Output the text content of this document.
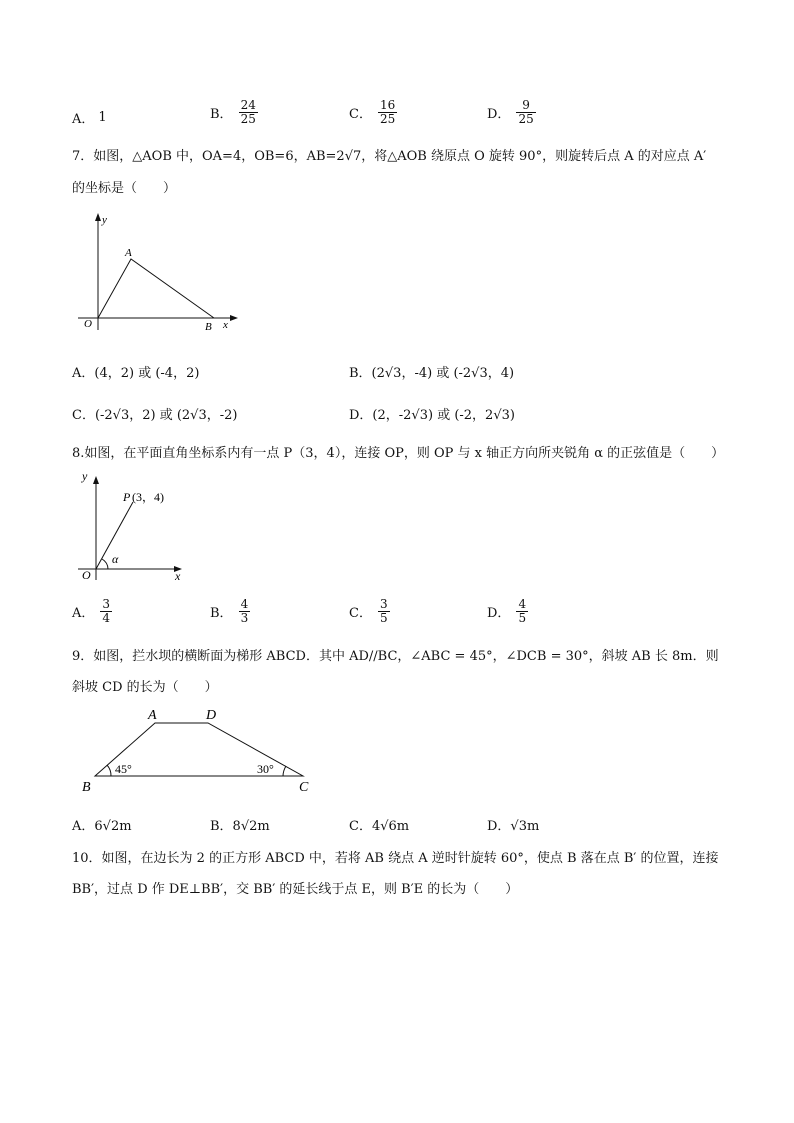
A． 1	B． $\frac{24}{25}$	C． $\frac{16}{25}$	D． $\frac{9}{25}$
7．如图，△AOB 中，OA=4，OB=6，AB=2√7，将△AOB 绕原点 O 旋转 90°，则旋转后点 A 的对应点 A′
的坐标是（　　）
y
A
O	B x
A．(4，2) 或 (-4，2)	B．(2√3，-4) 或 (-2√3，4)
C．(-2√3，2) 或 (2√3，-2)	D．(2，-2√3) 或 (-2，2√3)
8.如图，在平面直角坐标系内有一点 P（3，4），连接 OP，则 OP 与 x 轴正方向所夹锐角 α 的正弦值是（　　）
y
P (3，4)
α
O	x
A． $\frac{3}{4}$	B． $\frac{4}{3}$	C． $\frac{3}{5}$	D． $\frac{4}{5}$
9．如图，拦水坝的横断面为梯形 ABCD．其中 AD//BC，∠ABC = 45°，∠DCB = 30°，斜坡 AB 长 8m．则
斜坡 CD 的长为（　　）
A	D
B	C
45°	30°
A．6√2m	B．8√2m	C．4√6m	D．√3m
10．如图，在边长为 2 的正方形 ABCD 中，若将 AB 绕点 A 逆时针旋转 60°，使点 B 落在点 B′ 的位置，连接
BB′，过点 D 作 DE⊥BB′，交 BB′ 的延长线于点 E，则 B′E 的长为（　　）
